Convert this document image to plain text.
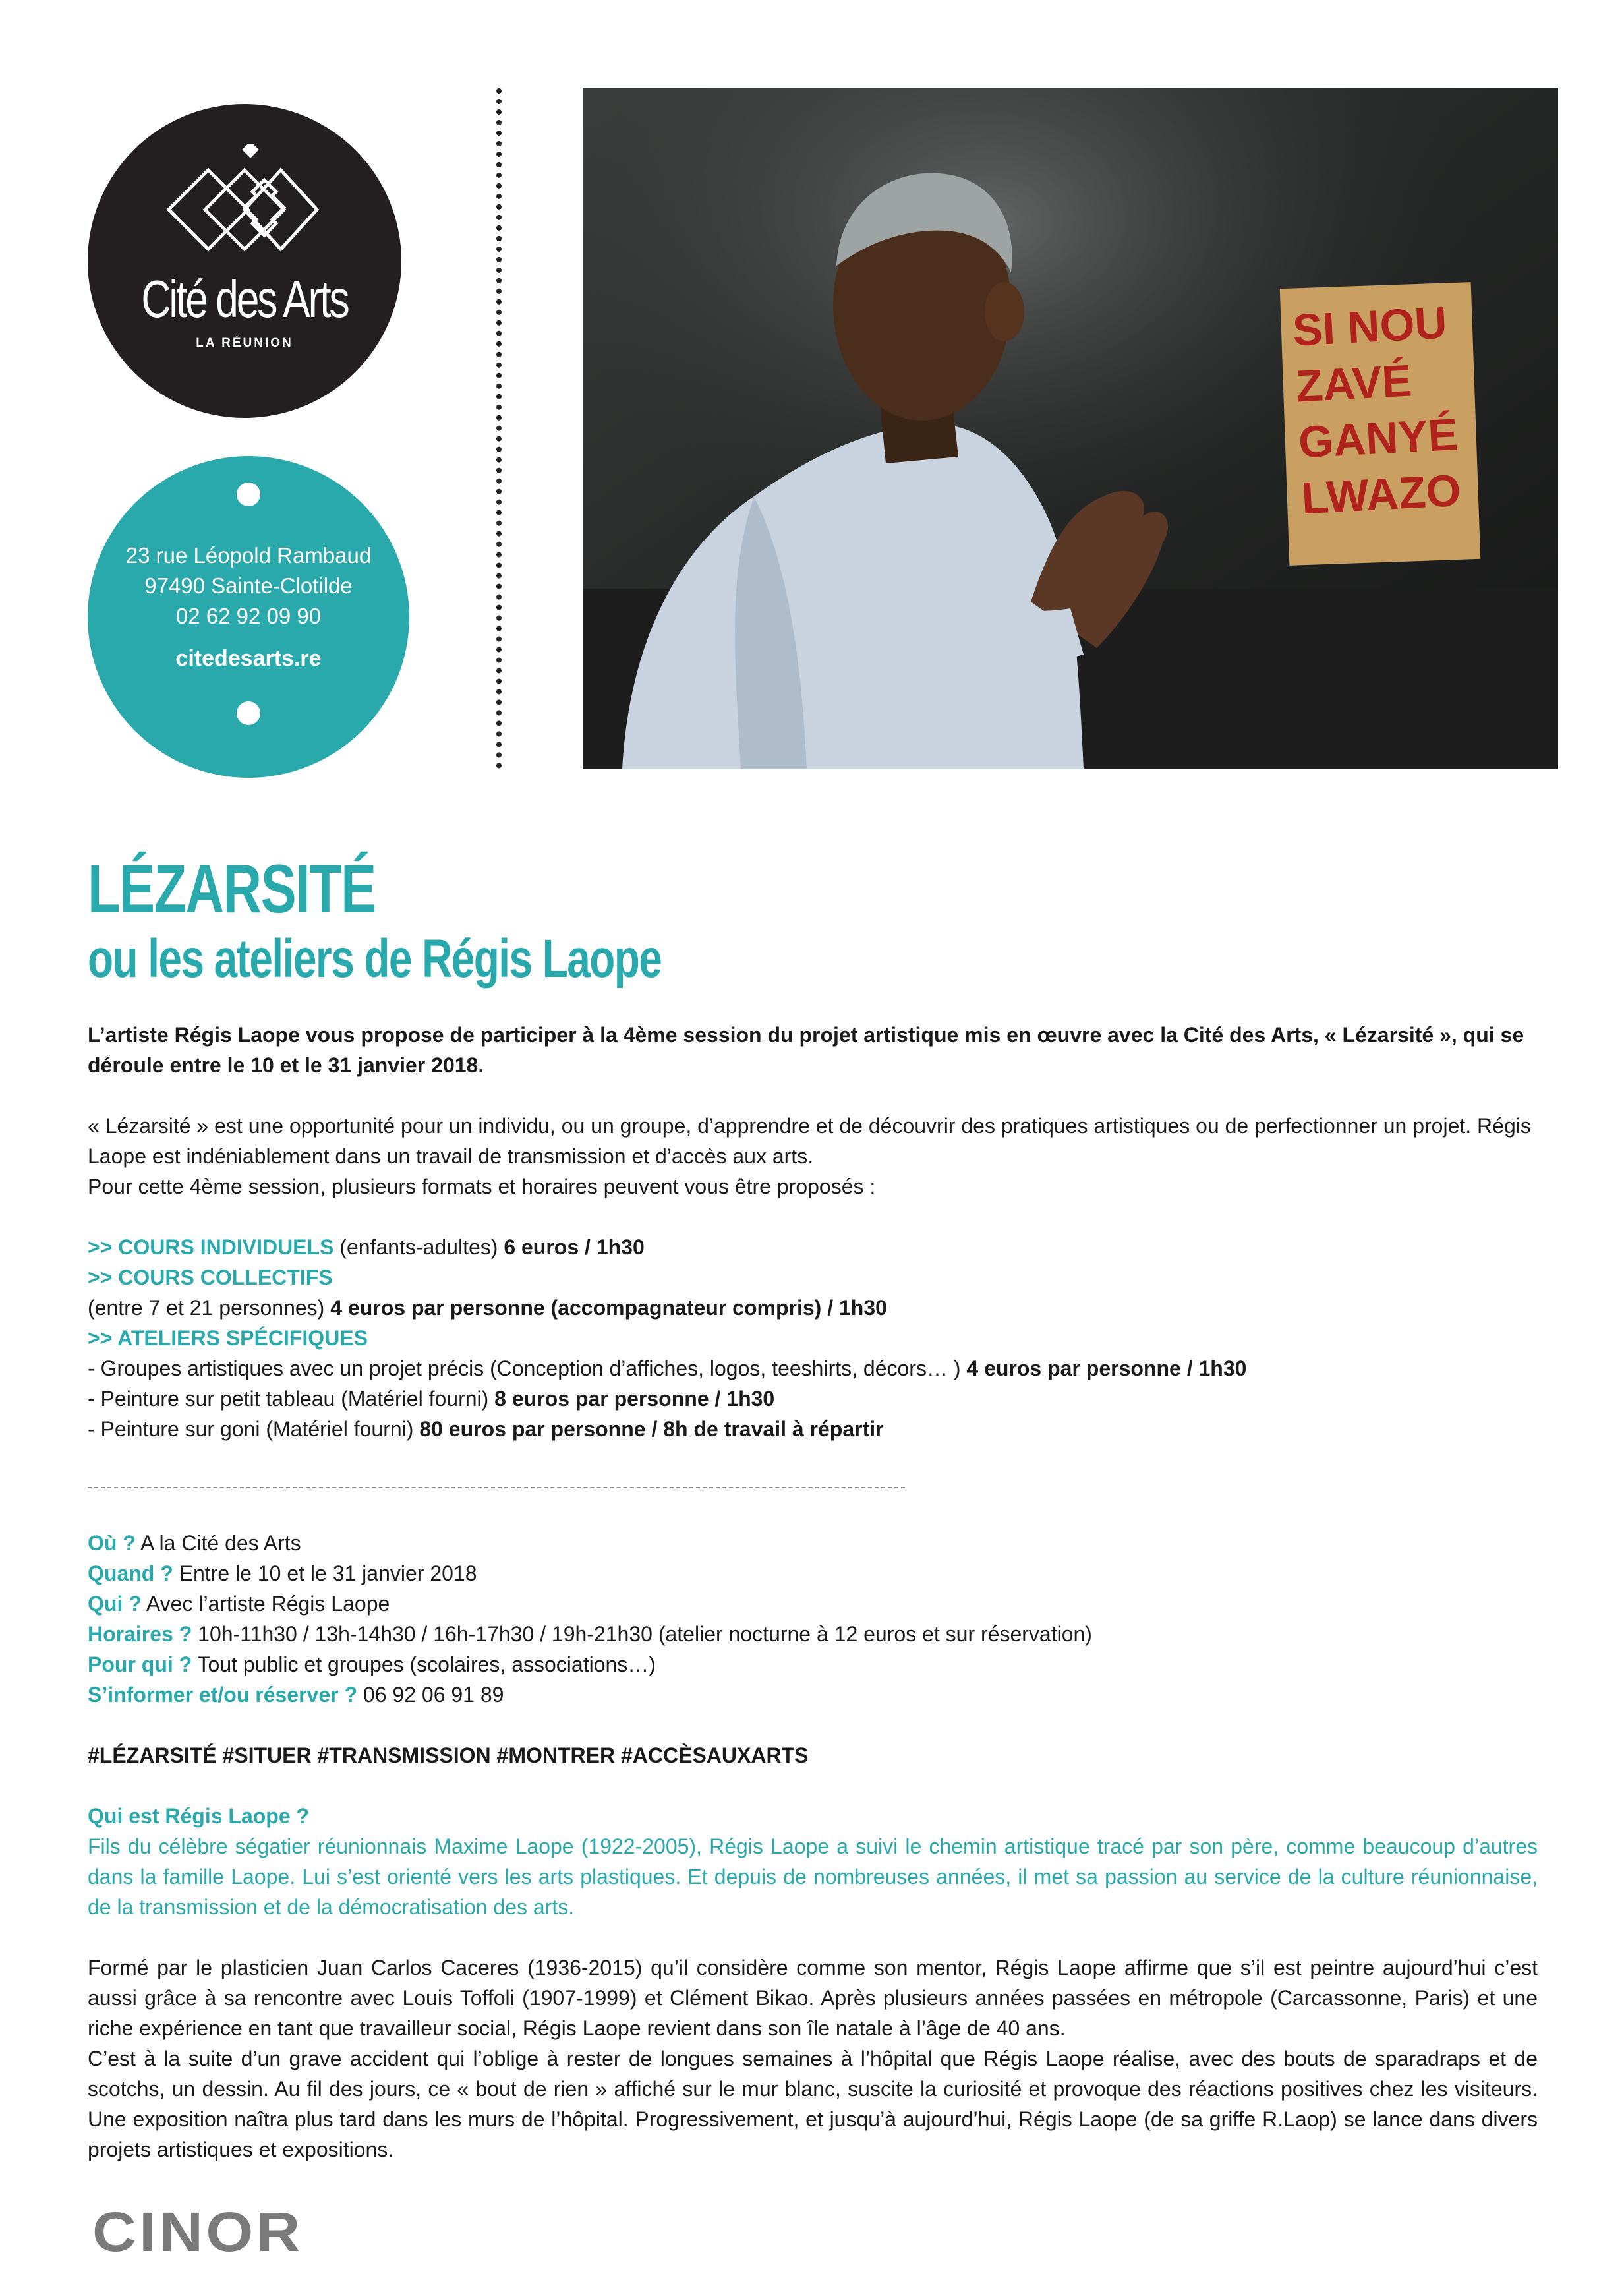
Cité des Arts
LA RÉUNION
23 rue Léopold Rambaud
97490 Sainte-Clotilde
02 62 92 09 90
citedesarts.re
SI NOU
ZAVÉ
GANYÉ
LWAZO
LÉZARSITÉ
ou les ateliers de Régis Laope

L’artiste Régis Laope vous propose de participer à la 4ème session du projet artistique mis en œuvre avec la Cité des Arts, « Lézarsité », qui se déroule entre le 10 et le 31 janvier 2018.

« Lézarsité » est une opportunité pour un individu, ou un groupe, d’apprendre et de découvrir des pratiques artistiques ou de perfectionner un projet. Régis Laope est indéniablement dans un travail de transmission et d’accès aux arts.

Pour cette 4ème session, plusieurs formats et horaires peuvent vous être proposés :

>> COURS INDIVIDUELS (enfants-adultes) 6 euros / 1h30

>> COURS COLLECTIFS

(entre 7 et 21 personnes) 4 euros par personne (accompagnateur compris) / 1h30

>> ATELIERS SPÉCIFIQUES

- Groupes artistiques avec un projet précis (Conception d’affiches, logos, teeshirts, décors… ) 4 euros par personne / 1h30

- Peinture sur petit tableau (Matériel fourni) 8 euros par personne / 1h30

- Peinture sur goni (Matériel fourni) 80 euros par personne / 8h de travail à répartir

Où ? A la Cité des Arts

Quand ? Entre le 10 et le 31 janvier 2018

Qui ? Avec l’artiste Régis Laope

Horaires ? 10h-11h30 / 13h-14h30 / 16h-17h30 / 19h-21h30 (atelier nocturne à 12 euros et sur réservation)

Pour qui ? Tout public et groupes (scolaires, associations…)

S’informer et/ou réserver ? 06 92 06 91 89

#LÉZARSITÉ #SITUER #TRANSMISSION #MONTRER #ACCÈSAUXARTS

Qui est Régis Laope ?

Fils du célèbre ségatier réunionnais Maxime Laope (1922-2005), Régis Laope a suivi le chemin artistique tracé par son père, comme beaucoup d’autres dans la famille Laope. Lui s’est orienté vers les arts plastiques. Et depuis de nombreuses années, il met sa passion au service de la culture réunionnaise, de la transmission et de la démocratisation des arts.

Formé par le plasticien Juan Carlos Caceres (1936-2015) qu’il considère comme son mentor, Régis Laope affirme que s’il est peintre aujourd’hui c’est aussi grâce à sa rencontre avec Louis Toffoli (1907-1999) et Clément Bikao. Après plusieurs années passées en métropole (Carcassonne, Paris) et une riche expérience en tant que travailleur social, Régis Laope revient dans son île natale à l’âge de 40 ans.

C’est à la suite d’un grave accident qui l’oblige à rester de longues semaines à l’hôpital que Régis Laope réalise, avec des bouts de sparadraps et de scotchs, un dessin. Au fil des jours, ce « bout de rien » affiché sur le mur blanc, suscite la curiosité et provoque des réactions positives chez les visiteurs. Une exposition naîtra plus tard dans les murs de l’hôpital. Progressivement, et jusqu’à aujourd’hui, Régis Laope (de sa griffe R.Laop) se lance dans divers projets artistiques et expositions.

CINOR
